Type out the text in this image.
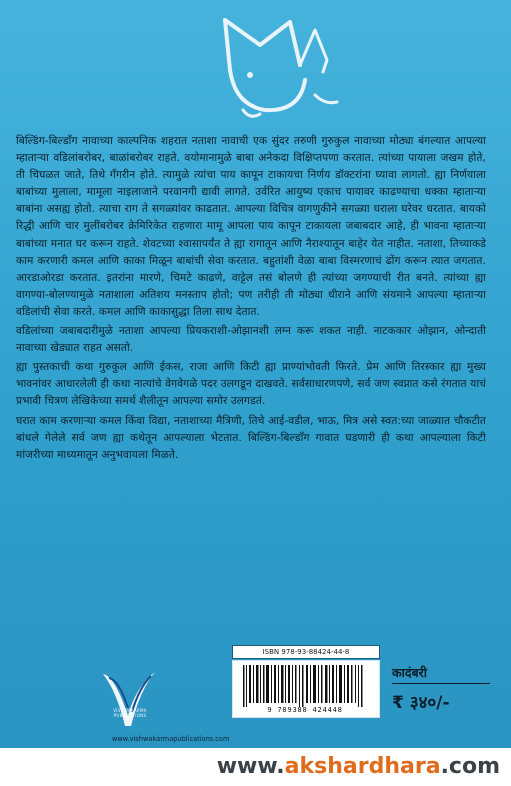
बिल्डिंग-बिल्डाँग नावाच्या काल्पनिक शहरात नताशा नावाची एक सुंदर तरुणी गुरुकुल नावाच्या मोठ्या बंगल्यात आपल्या म्हाताऱ्या वडिलांबरोबर, बाळांबरोबर राहते. वयोमानामुळे बाबा अनेकदा विक्षिप्तपणा करतात. त्यांच्या पायाला जखम होते, ती चिघळत जाते, तिथे गँगरीन होते. त्यामुळे त्यांचा पाय कापून टाकायचा निर्णय डॉक्टरांना घ्यावा लागतो. ह्या निर्णयाला बाबांच्या मुलाला, मामूला नाइलाजाने परवानगी द्यावी लागते. उर्वरित आयुष्य एकाच पायावर काढण्याचा धक्का म्हाताऱ्या बाबांना असह्य होतो. त्याचा राग ते सगळ्यांवर काढतात. आपल्या विचित्र वागणुकीने सगळ्या घराला घरेवर धरतात. बायको रिद्धी आणि चार मुलींबरोबर क्रेमिरिकेत राहणारा मामू आपला पाय कापून टाकायला जबाबदार आहे, ही भावना म्हाताऱ्या बाबांच्या मनात घर करून राहते. शेवटच्या श्वासापर्यंत ते ह्या रागातून आणि नैराश्यातून बाहेर येत नाहीत. नताशा, तिच्याकडे काम करणारी कमल आणि काका मिळून बाबांची सेवा करतात. बहुतांशी वेळा बाबा विस्मरणाचं ढोंग करून त्यात जगतात. आरडाओरडा करतात. इतरांना मारणे, चिमटे काढणे, वाट्टेल तसं बोलणे ही त्यांच्या जगण्याची रीत बनते. त्यांच्या ह्या वागण्या-बोलण्यामुळे नताशाला अतिशय मनस्ताप होतो; पण तरीही ती मोठ्या धीराने आणि संयमाने आपल्या म्हाताऱ्या वडिलांची सेवा करते. कमल आणि काकासुद्धा तिला साथ देतात.

वडिलांच्या जबाबदारीमुळे नताशा आपल्या प्रियकराशी-ओझानशी लग्न करू शकत नाही. नाटककार ओझान, ओन्दाती नावाच्या खेड्यात राहत असतो.

ह्या पुस्तकाची कथा गुरुकुल आणि ईकस, राजा आणि किटी ह्या प्राण्यांभोवती फिरते. प्रेम आणि तिरस्कार ह्या मुख्य भावनांवर आधारलेली ही कथा नात्यांचे वेगवेगळे पदर उलगडून दाखवते. सर्वसाधारणपणे, सर्व जण स्वप्नात कसे रंगतात याचं प्रभावी चित्रण लेखिकेच्या समर्थ शैलीतून आपल्या समोर उलगडतं.

घरात काम करणाऱ्या कमल किंवा विद्या, नताशाच्या मैत्रिणी, तिचे आई-वडील, भाऊ, मित्र असे स्वत:च्या जाळ्यात चौकटीत बांधले गेलेले सर्व जण ह्या कथेतून आपल्याला भेटतात. बिल्डिंग-बिल्डाँग गावात घडणारी ही कथा आपल्याला किटी मांजरीच्या माध्यमातून अनुभवायला मिळते.

VISHWAKARMA PUBLICATIONS
www.vishwakarmapublications.com
ISBN 978-93-88424-44-8
9 789388 424448
कादंबरी
₹ ३४०/-
www.akshardhara.com
